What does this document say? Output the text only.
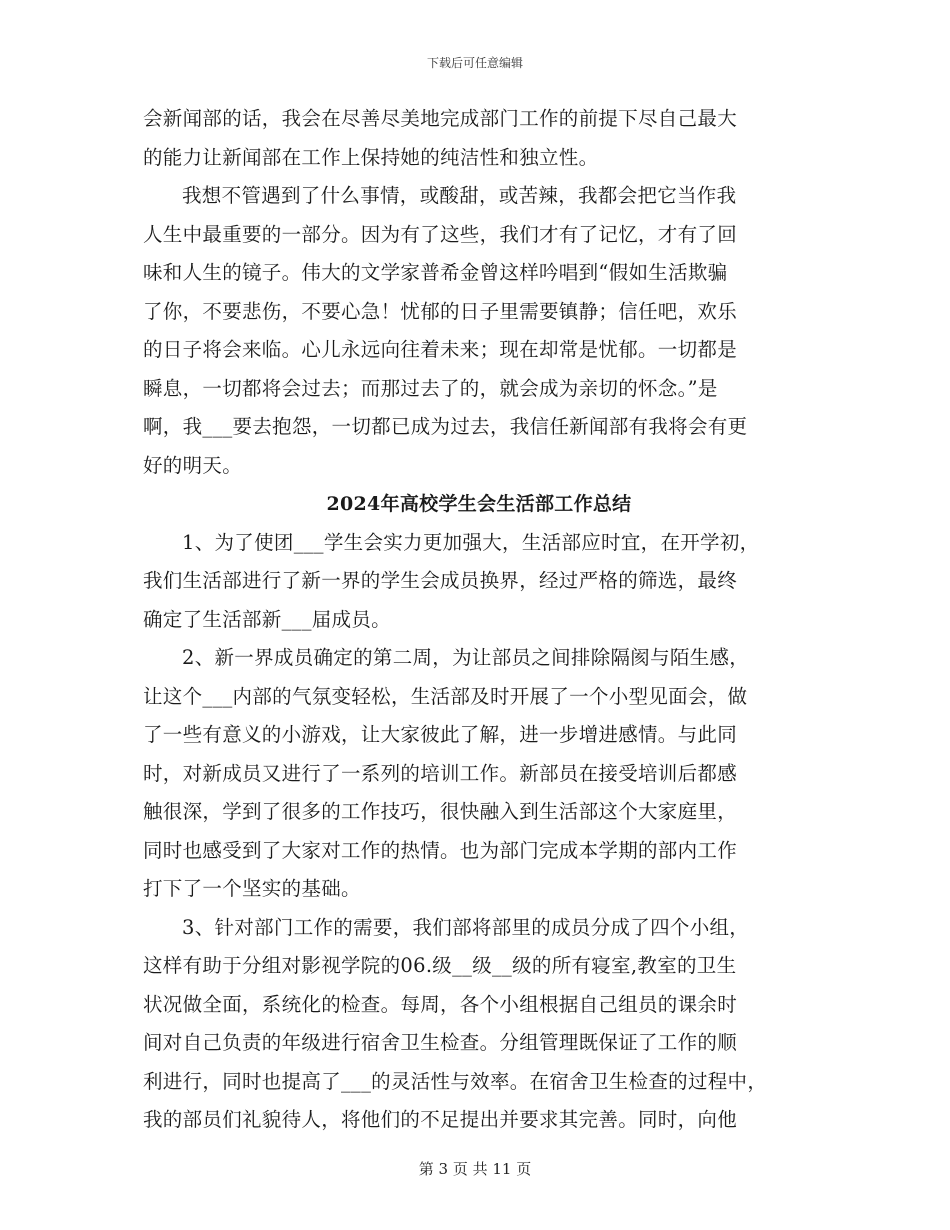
下载后可任意编辑
会新闻部的话，我会在尽善尽美地完成部门工作的前提下尽自己最大
的能力让新闻部在工作上保持她的纯洁性和独立性。
我想不管遇到了什么事情，或酸甜，或苦辣，我都会把它当作我
人生中最重要的一部分。因为有了这些，我们才有了记忆，才有了回
味和人生的镜子。伟大的文学家普希金曾这样吟唱到“假如生活欺骗
了你，不要悲伤，不要心急！忧郁的日子里需要镇静；信任吧，欢乐
的日子将会来临。心儿永远向往着未来；现在却常是忧郁。一切都是
瞬息，一切都将会过去；而那过去了的，就会成为亲切的怀念。”是
啊，我___要去抱怨，一切都已成为过去，我信任新闻部有我将会有更
好的明天。
2024年高校学生会生活部工作总结
1、为了使团___学生会实力更加强大，生活部应时宜，在开学初，
我们生活部进行了新一界的学生会成员换界，经过严格的筛选，最终
确定了生活部新___届成员。
2、新一界成员确定的第二周，为让部员之间排除隔阂与陌生感，
让这个___内部的气氛变轻松，生活部及时开展了一个小型见面会，做
了一些有意义的小游戏，让大家彼此了解，进一步增进感情。与此同
时，对新成员又进行了一系列的培训工作。新部员在接受培训后都感
触很深，学到了很多的工作技巧，很快融入到生活部这个大家庭里，
同时也感受到了大家对工作的热情。也为部门完成本学期的部内工作
打下了一个坚实的基础。
3、针对部门工作的需要，我们部将部里的成员分成了四个小组，
这样有助于分组对影视学院的06.级__级__级的所有寝室,教室的卫生
状况做全面，系统化的检查。每周，各个小组根据自己组员的课余时
间对自己负责的年级进行宿舍卫生检查。分组管理既保证了工作的顺
利进行，同时也提高了___的灵活性与效率。在宿舍卫生检查的过程中，
我的部员们礼貌待人，将他们的不足提出并要求其完善。同时，向他
第 3 页 共 11 页
